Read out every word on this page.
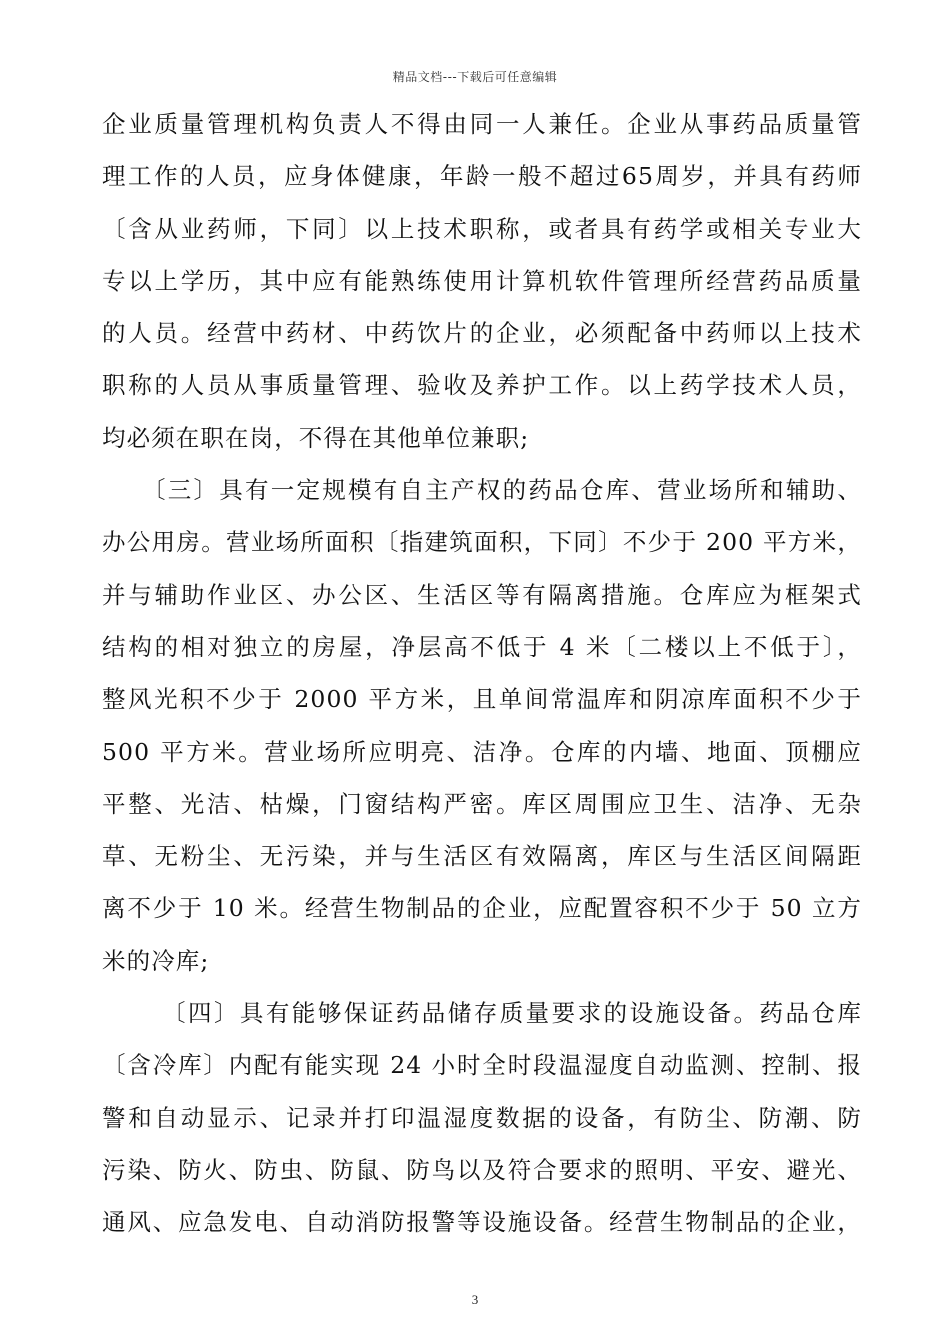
精品文档---下载后可任意编辑
企业质量管理机构负责人不得由同一人兼任。企业从事药品质量管
理工作的人员，应身体健康，年龄一般不超过65周岁，并具有药师
〔含从业药师，下同〕以上技术职称，或者具有药学或相关专业大
专以上学历，其中应有能熟练使用计算机软件管理所经营药品质量
的人员。经营中药材、中药饮片的企业，必须配备中药师以上技术
职称的人员从事质量管理、验收及养护工作。以上药学技术人员，
均必须在职在岗，不得在其他单位兼职;
〔三〕具有一定规模有自主产权的药品仓库、营业场所和辅助、
办公用房。营业场所面积〔指建筑面积，下同〕不少于 200 平方米，
并与辅助作业区、办公区、生活区等有隔离措施。仓库应为框架式
结构的相对独立的房屋，净层高不低于 4 米〔二楼以上不低于〕，
整风光积不少于 2000 平方米，且单间常温库和阴凉库面积不少于
500 平方米。营业场所应明亮、洁净。仓库的内墙、地面、顶棚应
平整、光洁、枯燥，门窗结构严密。库区周围应卫生、洁净、无杂
草、无粉尘、无污染，并与生活区有效隔离，库区与生活区间隔距
离不少于 10 米。经营生物制品的企业，应配置容积不少于 50 立方
米的冷库;
〔四〕具有能够保证药品储存质量要求的设施设备。药品仓库
〔含冷库〕内配有能实现 24 小时全时段温湿度自动监测、控制、报
警和自动显示、记录并打印温湿度数据的设备，有防尘、防潮、防
污染、防火、防虫、防鼠、防鸟以及符合要求的照明、平安、避光、
通风、应急发电、自动消防报警等设施设备。经营生物制品的企业，
3
